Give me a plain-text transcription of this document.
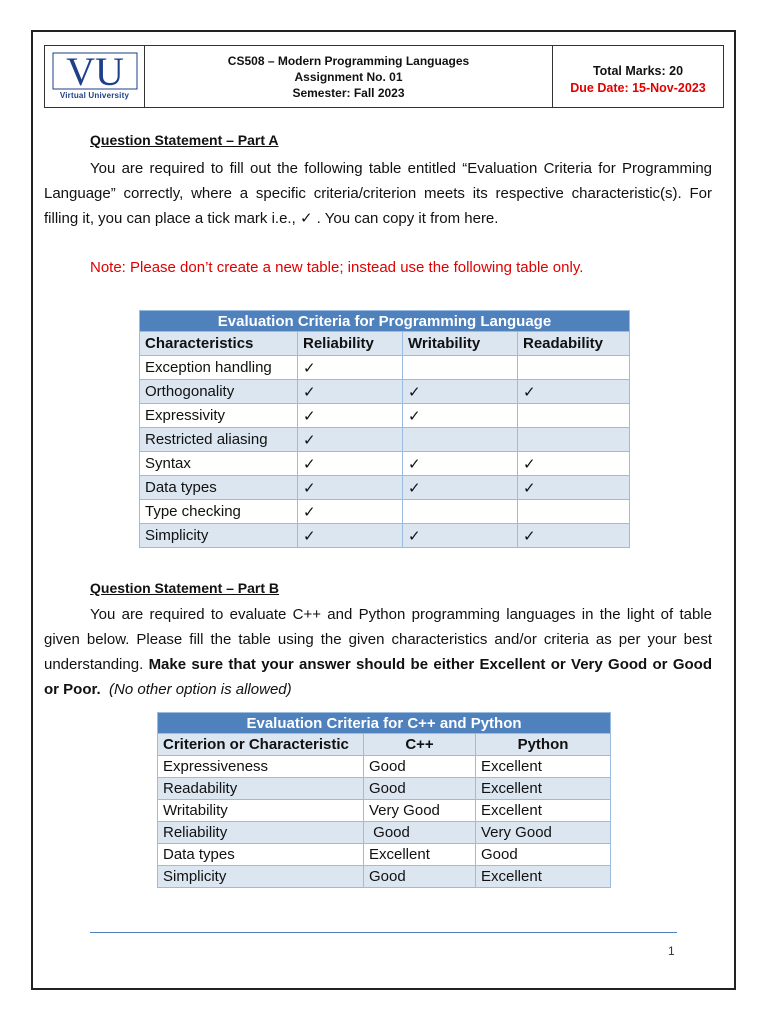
VU
Virtual University
CS508 – Modern Programming Languages
Assignment No. 01
Semester: Fall 2023
Total Marks: 20
Due Date: 15-Nov-2023
Question Statement – Part A
You are required to fill out the following table entitled “Evaluation Criteria for Programming Language” correctly, where a specific criteria/criterion meets its respective characteristic(s). For filling it, you can place a tick mark i.e., ✓ . You can copy it from here.
Note: Please don’t create a new table; instead use the following table only.
Evaluation Criteria for Programming Language			
Characteristics	Reliability	Writability	Readability
Exception handling	✓		
Orthogonality	✓	✓	✓
Expressivity	✓	✓	
Restricted aliasing	✓		
Syntax	✓	✓	✓
Data types	✓	✓	✓
Type checking	✓		
Simplicity	✓	✓	✓
Question Statement – Part B
You are required to evaluate C++ and Python programming languages in the light of table given below. Please fill the table using the given characteristics and/or criteria as per your best understanding. Make sure that your answer should be either Excellent or Very Good or Good or Poor. (No other option is allowed)
Evaluation Criteria for C++ and Python		
Criterion or Characteristic	C++	Python
Expressiveness	Good	Excellent
Readability	Good	Excellent
Writability	Very Good	Excellent
Reliability	Good	Very Good
Data types	Excellent	Good
Simplicity	Good	Excellent
1
